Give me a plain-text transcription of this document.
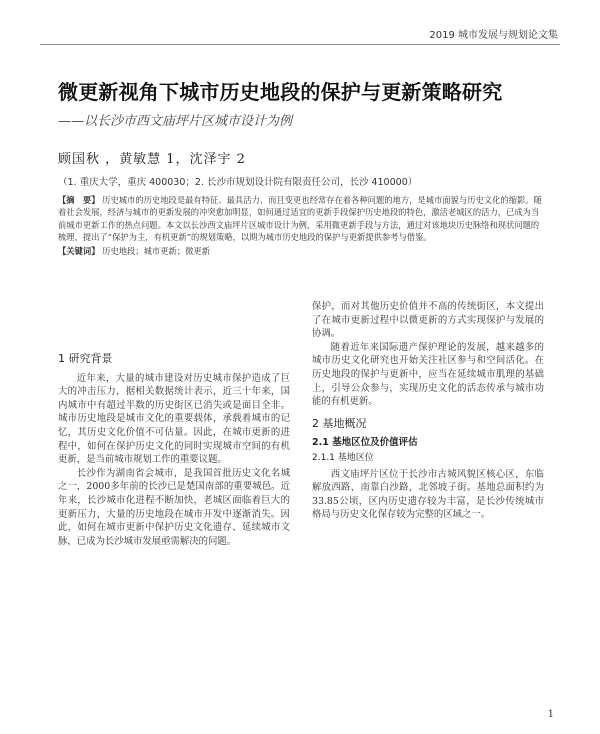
2019 城市发展与规划论文集
微更新视角下城市历史地段的保护与更新策略研究
——以长沙市西文庙坪片区城市设计为例
顾国秋 ，黄敏慧 1，沈泽宇 2
（1. 重庆大学，重庆 400030；2. 长沙市规划设计院有限责任公司，长沙 410000）
【摘　要】 历史城市的历史地段是最有特征、最具活力、而且变更也经常存在着各种问题的地方，是城市面貌与历史文化的缩影。随着社会发展，经济与城市的更新发展的冲突愈加明显，如何通过适宜的更新手段保护历史地段的特色，激活老城区的活力，已成为当前城市更新工作的热点问题。本文以长沙西文庙坪片区城市设计为例，采用微更新手段与方法，通过对该地块历史脉络和现状问题的梳理，提出了“保护为主，有机更新”的规划策略，以期为城市历史地段的保护与更新提供参考与借鉴。
【关键词】 历史地段；城市更新；微更新
1 研究背景

近年来，大量的城市建设对历史城市保护造成了巨大的冲击压力，据相关数据统计表示，近三十年来，国内城市中有超过半数的历史街区已消失或是面目全非。城市历史地段是城市文化的重要载体，承载着城市的记忆，其历史文化价值不可估量。因此，在城市更新的进程中，如何在保护历史文化的同时实现城市空间的有机更新，是当前城市规划工作的重要议题。

长沙作为湖南省会城市，是我国首批历史文化名城之一，2000多年前的长沙已是楚国南部的重要城邑。近年来，长沙城市化进程不断加快，老城区面临着巨大的更新压力，大量的历史地段在城市开发中逐渐消失。因此，如何在城市更新中保护历史文化遗存、延续城市文脉，已成为长沙城市发展亟需解决的问题。

保护，而对其他历史价值并不高的传统街区，本文提出了在城市更新过程中以微更新的方式实现保护与发展的协调。

随着近年来国际遗产保护理论的发展，越来越多的城市历史文化研究也开始关注社区参与和空间活化。在历史地段的保护与更新中，应当在延续城市肌理的基础上，引导公众参与，实现历史文化的活态传承与城市功能的有机更新。

2 基地概况
2.1 基地区位及价值评估
2.1.1 基地区位

西文庙坪片区位于长沙市古城风貌区核心区，东临解放西路，南靠白沙路，北邻坡子街。基地总面积约为33.85公顷，区内历史遗存较为丰富，是长沙传统城市格局与历史文化保存较为完整的区域之一。

1
